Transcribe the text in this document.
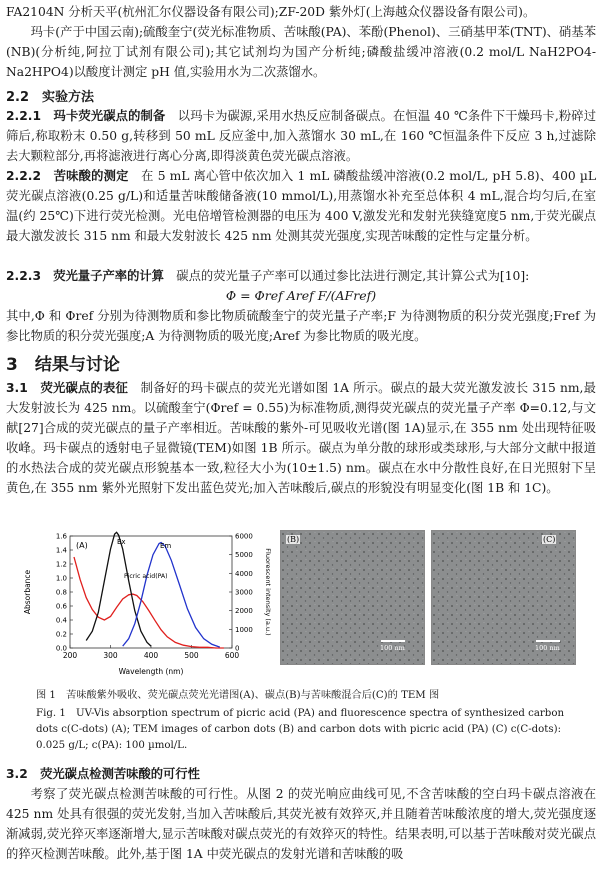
FA2104N 分析天平(杭州汇尔仪器设备有限公司);ZF-20D 紫外灯(上海越众仪器设备有限公司)。
玛卡(产于中国云南);硫酸奎宁(荧光标准物质、苦味酸(PA)、苯酚(Phenol)、三硝基甲苯(TNT)、硝基苯(NB)(分析纯,阿拉丁试剂有限公司);其它试剂均为国产分析纯;磷酸盐缓冲溶液(0.2 mol/L NaH2PO4-Na2HPO4)以酸度计测定 pH 值,实验用水为二次蒸馏水。
2.2　实验方法
2.2.1　玛卡荧光碳点的制备　 以玛卡为碳源,采用水热反应制备碳点。在恒温 40 ℃条件下干燥玛卡,粉碎过筛后,称取粉末 0.50 g,转移到 50 mL 反应釜中,加入蒸馏水 30 mL,在 160 ℃恒温条件下反应 3 h,过滤除去大颗粒部分,再将滤液进行离心分离,即得淡黄色荧光碳点溶液。
2.2.2　苦味酸的测定　 在 5 mL 离心管中依次加入 1 mL 磷酸盐缓冲溶液(0.2 mol/L, pH 5.8)、400 µL 荧光碳点溶液(0.25 g/L)和适量苦味酸储备液(10 mmol/L),用蒸馏水补充至总体积 4 mL,混合均匀后,在室温(约 25℃)下进行荧光检测。光电倍增管检测器的电压为 400 V,激发光和发射光狭缝宽度5 nm,于荧光碳点最大激发波长 315 nm 和最大发射波长 425 nm 处测其荧光强度,实现苦味酸的定性与定量分析。
2.2.3　荧光量子产率的计算　 碳点的荧光量子产率可以通过参比法进行测定,其计算公式为[10]:
Φ = Φref Aref F/(AFref)
其中,Φ 和 Φref 分别为待测物质和参比物质硫酸奎宁的荧光量子产率;F 为待测物质的积分荧光强度;Fref 为参比物质的积分荧光强度;A 为待测物质的吸光度;Aref 为参比物质的吸光度。
3　结果与讨论
3.1　荧光碳点的表征　 制备好的玛卡碳点的荧光光谱如图 1A 所示。碳点的最大荧光激发波长 315 nm,最大发射波长为 425 nm。以硫酸奎宁(Φref = 0.55)为标准物质,测得荧光碳点的荧光量子产率 Φ=0.12,与文献[27]合成的荧光碳点的量子产率相近。苦味酸的紫外-可见吸收光谱(图 1A)显示,在 355 nm 处出现特征吸收峰。玛卡碳点的透射电子显微镜(TEM)如图 1B 所示。碳点为单分散的球形或类球形,与大部分文献中报道的水热法合成的荧光碳点形貌基本一致,粒径大小为(10±1.5) nm。碳点在水中分散性良好,在日光照射下呈黄色,在 355 nm 紫外光照射下发出蓝色荧光;加入苦味酸后,碳点的形貌没有明显变化(图 1B 和 1C)。
200	300	400	500	600
0.0
0.2
0.4
0.6
0.8
1.0
1.2
1.4
1.6
0
1000
2000
3000
4000
5000
6000
(A)	Ex	Em
Picric acid(PA)
Wavelength (nm)
Absorbance	Fluorescent intensity (a.u.)
(B)
100 nm
(C)
100 nm
图 1　苦味酸紫外吸收、荧光碳点荧光光谱图(A)、碳点(B)与苦味酸混合后(C)的 TEM 图
Fig. 1　UV-Vis absorption spectrum of picric acid (PA) and fluorescence spectra of synthesized carbon dots c(C-dots) (A); TEM images of carbon dots (B) and carbon dots with picric acid (PA) (C) c(C-dots): 0.025 g/L; c(PA): 100 µmol/L.
3.2　荧光碳点检测苦味酸的可行性
考察了荧光碳点检测苦味酸的可行性。从图 2 的荧光响应曲线可见,不含苦味酸的空白玛卡碳点溶液在 425 nm 处具有很强的荧光发射,当加入苦味酸后,其荧光被有效猝灭,并且随着苦味酸浓度的增大,荧光强度逐渐减弱,荧光猝灭率逐渐增大,显示苦味酸对碳点荧光的有效猝灭的特性。结果表明,可以基于苦味酸对荧光碳点的猝灭检测苦味酸。此外,基于图 1A 中荧光碳点的发射光谱和苦味酸的吸
